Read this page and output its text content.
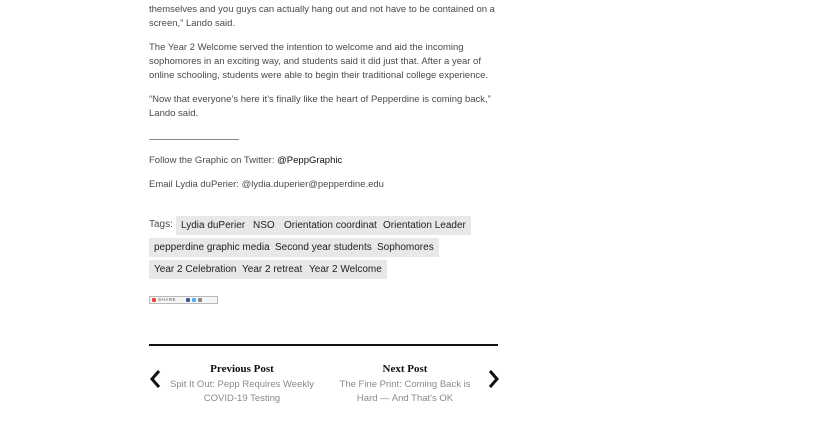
themselves and you guys can actually hang out and not have to be contained on a screen,” Lando said.

The Year 2 Welcome served the intention to welcome and aid the incoming sophomores in an exciting way, and students said it did just that. After a year of online schooling, students were able to begin their traditional college experience.

“Now that everyone’s here it’s finally like the heart of Pepperdine is coming back,” Lando said.

Follow the Graphic on Twitter: @PeppGraphic
Email Lydia duPerier: @lydia.duperier@pepperdine.edu
Tags: Lydia duPerier NSO Orientation coordinat Orientation Leader
pepperdine graphic media Second year students Sophomores
Year 2 Celebration Year 2 retreat Year 2 Welcome
SHARE
Previous Post
Spit It Out: Pepp Requires Weekly COVID-19 Testing
Next Post
The Fine Print: Coming Back is Hard — And That's OK
